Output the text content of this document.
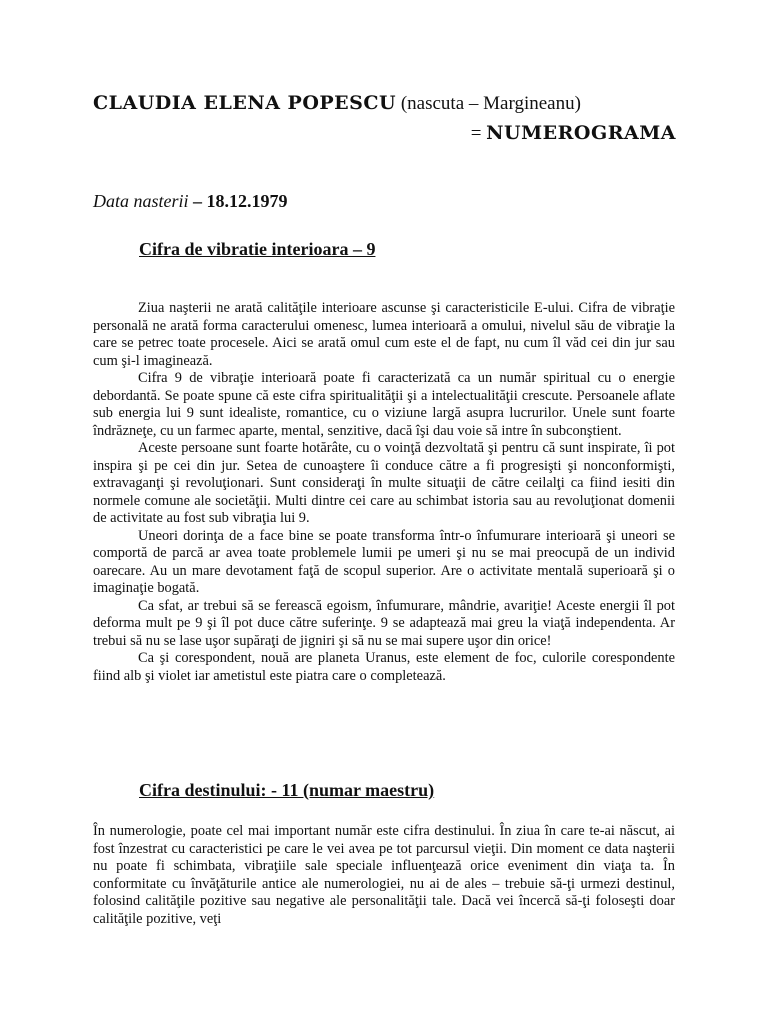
CLAUDIA ELENA POPESCU (nascuta – Margineanu)
= NUMEROGRAMA
Data nasterii – 18.12.1979
Cifra de vibratie interioara – 9

Ziua naşterii ne arată calităţile interioare ascunse şi caracteristicile E-ului. Cifra de vibraţie personală ne arată forma caracterului omenesc, lumea interioară a omului, nivelul său de vibraţie la care se petrec toate procesele. Aici se arată omul cum este el de fapt, nu cum îl văd cei din jur sau cum şi-l imaginează.

Cifra 9 de vibraţie interioară poate fi caracterizată ca un număr spiritual cu o energie debordantă. Se poate spune că este cifra spiritualităţii şi a intelectualităţii crescute. Persoanele aflate sub energia lui 9 sunt idealiste, romantice, cu o viziune largă asupra lucrurilor. Unele sunt foarte îndrăzneţe, cu un farmec aparte, mental, senzitive, dacă îşi dau voie să intre în subconştient.

Aceste persoane sunt foarte hotărâte, cu o voinţă dezvoltată şi pentru că sunt inspirate, îi pot inspira şi pe cei din jur. Setea de cunoaştere îi conduce către a fi progresişti şi nonconformişti, extravaganţi şi revoluţionari. Sunt consideraţi în multe situaţii de către ceilalţi ca fiind iesiti din normele comune ale societăţii. Multi dintre cei care au schimbat istoria sau au revoluţionat domenii de activitate au fost sub vibraţia lui 9.

Uneori dorinţa de a face bine se poate transforma într-o înfumurare interioară şi uneori se comportă de parcă ar avea toate problemele lumii pe umeri şi nu se mai preocupă de un individ oarecare. Au un mare devotament faţă de scopul superior. Are o activitate mentală superioară şi o imaginaţie bogată.

Ca sfat, ar trebui să se ferească egoism, înfumurare, mândrie, avariţie! Aceste energii îl pot deforma mult pe 9 şi îl pot duce către suferinţe. 9 se adaptează mai greu la viaţă independenta. Ar trebui să nu se lase uşor supăraţi de jigniri şi să nu se mai supere uşor din orice!

Ca şi corespondent, nouă are planeta Uranus, este element de foc, culorile corespondente fiind alb şi violet iar ametistul este piatra care o completează.

Cifra destinului: - 11 (numar maestru)

În numerologie, poate cel mai important număr este cifra destinului. În ziua în care te-ai născut, ai fost înzestrat cu caracteristici pe care le vei avea pe tot parcursul vieţii. Din moment ce data naşterii nu poate fi schimbata, vibraţiile sale speciale influenţează orice eveniment din viaţa ta. În conformitate cu învăţăturile antice ale numerologiei, nu ai de ales – trebuie să-ţi urmezi destinul, folosind calităţile pozitive sau negative ale personalităţii tale. Dacă vei încercă să-ţi foloseşti doar calităţile pozitive, veţi
